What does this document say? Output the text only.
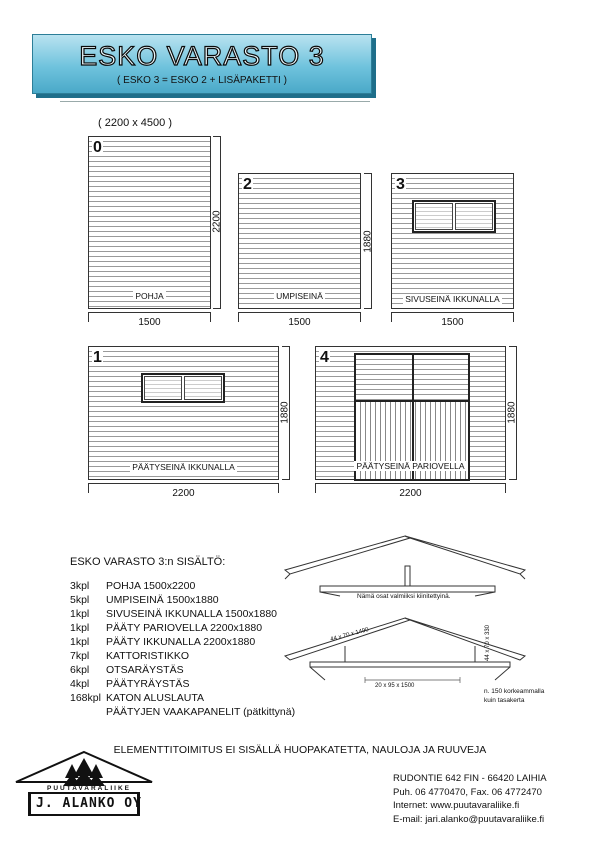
ESKO VARASTO 3
( ESKO 3 = ESKO 2 + LISÄPAKETTI )
( 2200 x 4500 )
0
POHJA
2200
1500
2
UMPISEINÄ
1880
1500
3
SIVUSEINÄ IKKUNALLA
1500
1
PÄÄTYSEINÄ IKKUNALLA
1880
2200
4
PÄÄTYSEINÄ PARIOVELLA
1880
2200
ESKO VARASTO 3:n SISÄLTÖ:
3kpl POHJA 1500x2200
5kpl UMPISEINÄ 1500x1880
1kpl SIVUSEINÄ IKKUNALLA 1500x1880
1kpl PÄÄTY PARIOVELLA 2200x1880
1kpl PÄÄTY IKKUNALLA 2200x1880
7kpl KATTORISTIKKO
6kpl OTSARÄYSTÄS
4kpl PÄÄTYRÄYSTÄS
168kpl KATON ALUSLAUTA
PÄÄTYJEN VAAKAPANELIT (pätkittynä)
Nämä osat valmiiksi kiinitettyinä.
44 x 70 x 1490	44 x 70 x 330
20 x 95 x 1500
n. 150 korkeammalla
kuin tasakerta
ELEMENTTITOIMITUS EI SISÄLLÄ HUOPAKATETTA, NAULOJA JA RUUVEJA
PUUTAVARALIIKE
J. ALANKO OY
RUDONTIE 642 FIN - 66420 LAIHIA
Puh. 06 4770470, Fax. 06 4772470
Internet: www.puutavaraliike.fi
E-mail: jari.alanko@puutavaraliike.fi
